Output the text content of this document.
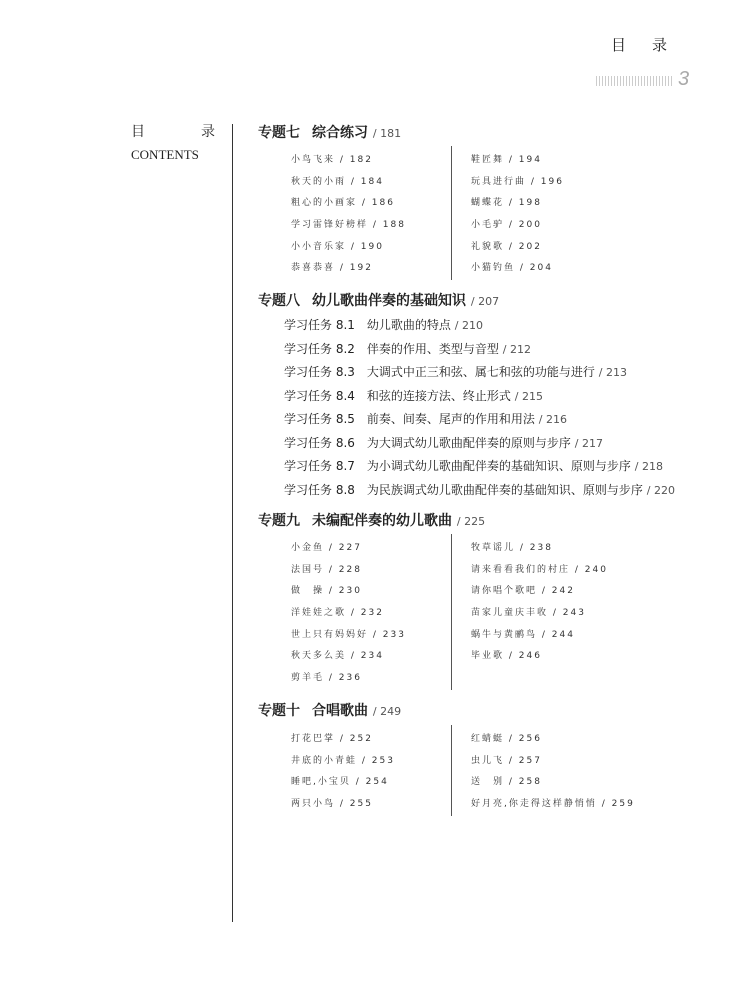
目录
3
目	录
CONTENTS
专题七 综合练习 / 181
小鸟飞来 / 182
秋天的小雨 / 184
粗心的小画家 / 186
学习雷锋好榜样 / 188
小小音乐家 / 190
恭喜恭喜 / 192
鞋匠舞 / 194
玩具进行曲 / 196
蝴蝶花 / 198
小毛驴 / 200
礼貌歌 / 202
小猫钓鱼 / 204
专题八 幼儿歌曲伴奏的基础知识 / 207
学习任务 8.1 幼儿歌曲的特点 / 210
学习任务 8.2 伴奏的作用、类型与音型 / 212
学习任务 8.3 大调式中正三和弦、属七和弦的功能与进行 / 213
学习任务 8.4 和弦的连接方法、终止形式 / 215
学习任务 8.5 前奏、间奏、尾声的作用和用法 / 216
学习任务 8.6 为大调式幼儿歌曲配伴奏的原则与步序 / 217
学习任务 8.7 为小调式幼儿歌曲配伴奏的基础知识、原则与步序 / 218
学习任务 8.8 为民族调式幼儿歌曲配伴奏的基础知识、原则与步序 / 220
专题九 未编配伴奏的幼儿歌曲 / 225
小金鱼 / 227
法国号 / 228
做　操 / 230
洋娃娃之歌 / 232
世上只有妈妈好 / 233
秋天多么美 / 234
剪羊毛 / 236
牧草谣儿 / 238
请来看看我们的村庄 / 240
请你唱个歌吧 / 242
苗家儿童庆丰收 / 243
蜗牛与黄鹂鸟 / 244
毕业歌 / 246
专题十 合唱歌曲 / 249
打花巴掌 / 252
井底的小青蛙 / 253
睡吧,小宝贝 / 254
两只小鸟 / 255
红蜻蜓 / 256
虫儿飞 / 257
送　别 / 258
好月亮,你走得这样静悄悄 / 259
